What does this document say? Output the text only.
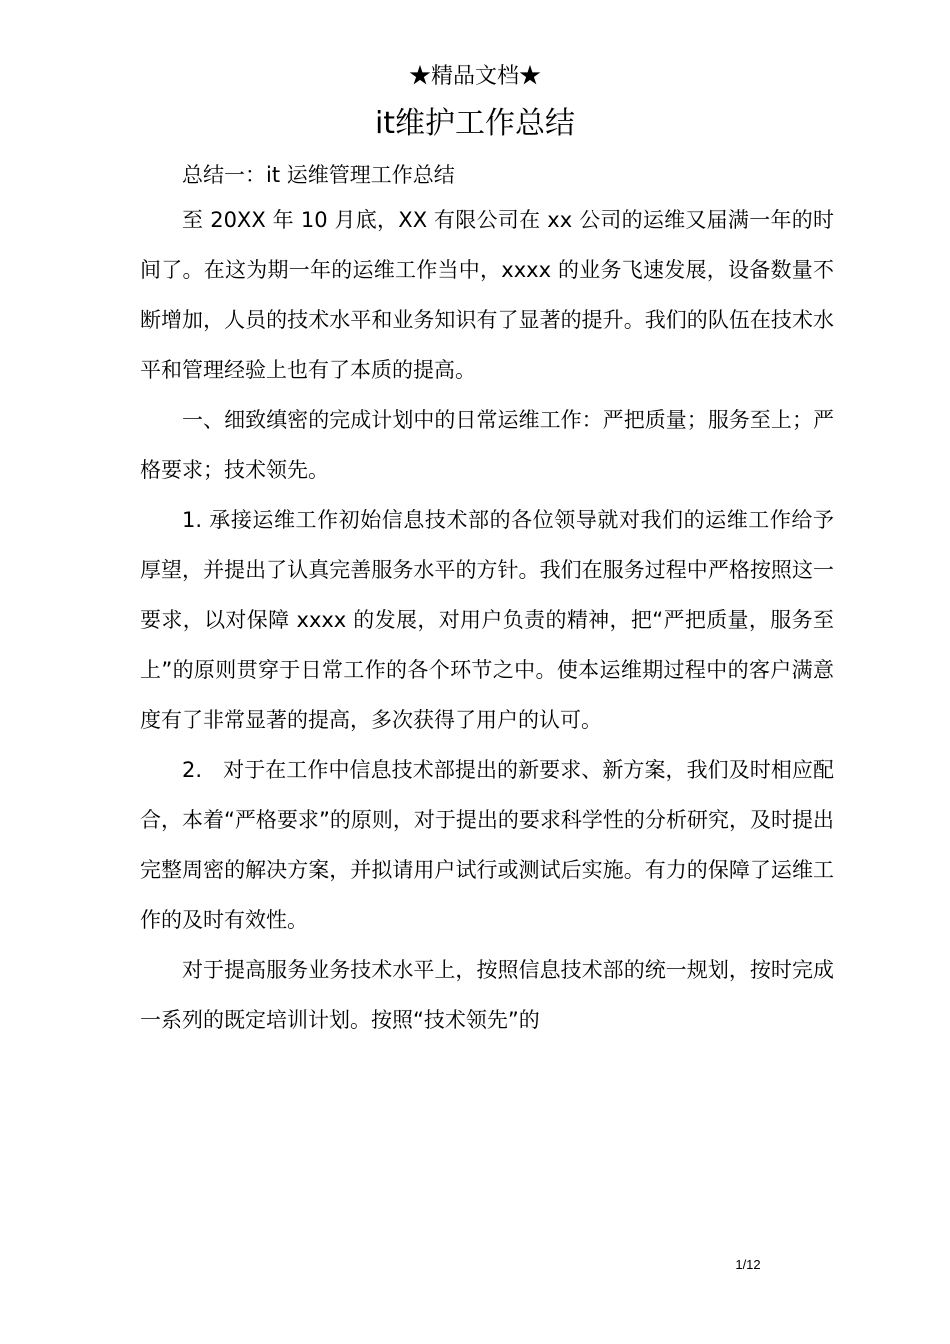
★精品文档★
it维护工作总结

总结一：it 运维管理工作总结

至 20XX 年 10 月底，XX 有限公司在 xx 公司的运维又届满一年的时间了。在这为期一年的运维工作当中，xxxx 的业务飞速发展，设备数量不断增加，人员的技术水平和业务知识有了显著的提升。我们的队伍在技术水平和管理经验上也有了本质的提高。

一、细致缜密的完成计划中的日常运维工作：严把质量；服务至上；严格要求；技术领先。

1. 承接运维工作初始信息技术部的各位领导就对我们的运维工作给予厚望，并提出了认真完善服务水平的方针。我们在服务过程中严格按照这一要求，以对保障 xxxx 的发展，对用户负责的精神，把“严把质量，服务至上”的原则贯穿于日常工作的各个环节之中。使本运维期过程中的客户满意度有了非常显著的提高，多次获得了用户的认可。

2.　对于在工作中信息技术部提出的新要求、新方案，我们及时相应配合，本着“严格要求”的原则，对于提出的要求科学性的分析研究，及时提出完整周密的解决方案，并拟请用户试行或测试后实施。有力的保障了运维工作的及时有效性。

对于提高服务业务技术水平上，按照信息技术部的统一规划，按时完成一系列的既定培训计划。按照“技术领先”的

1/12
